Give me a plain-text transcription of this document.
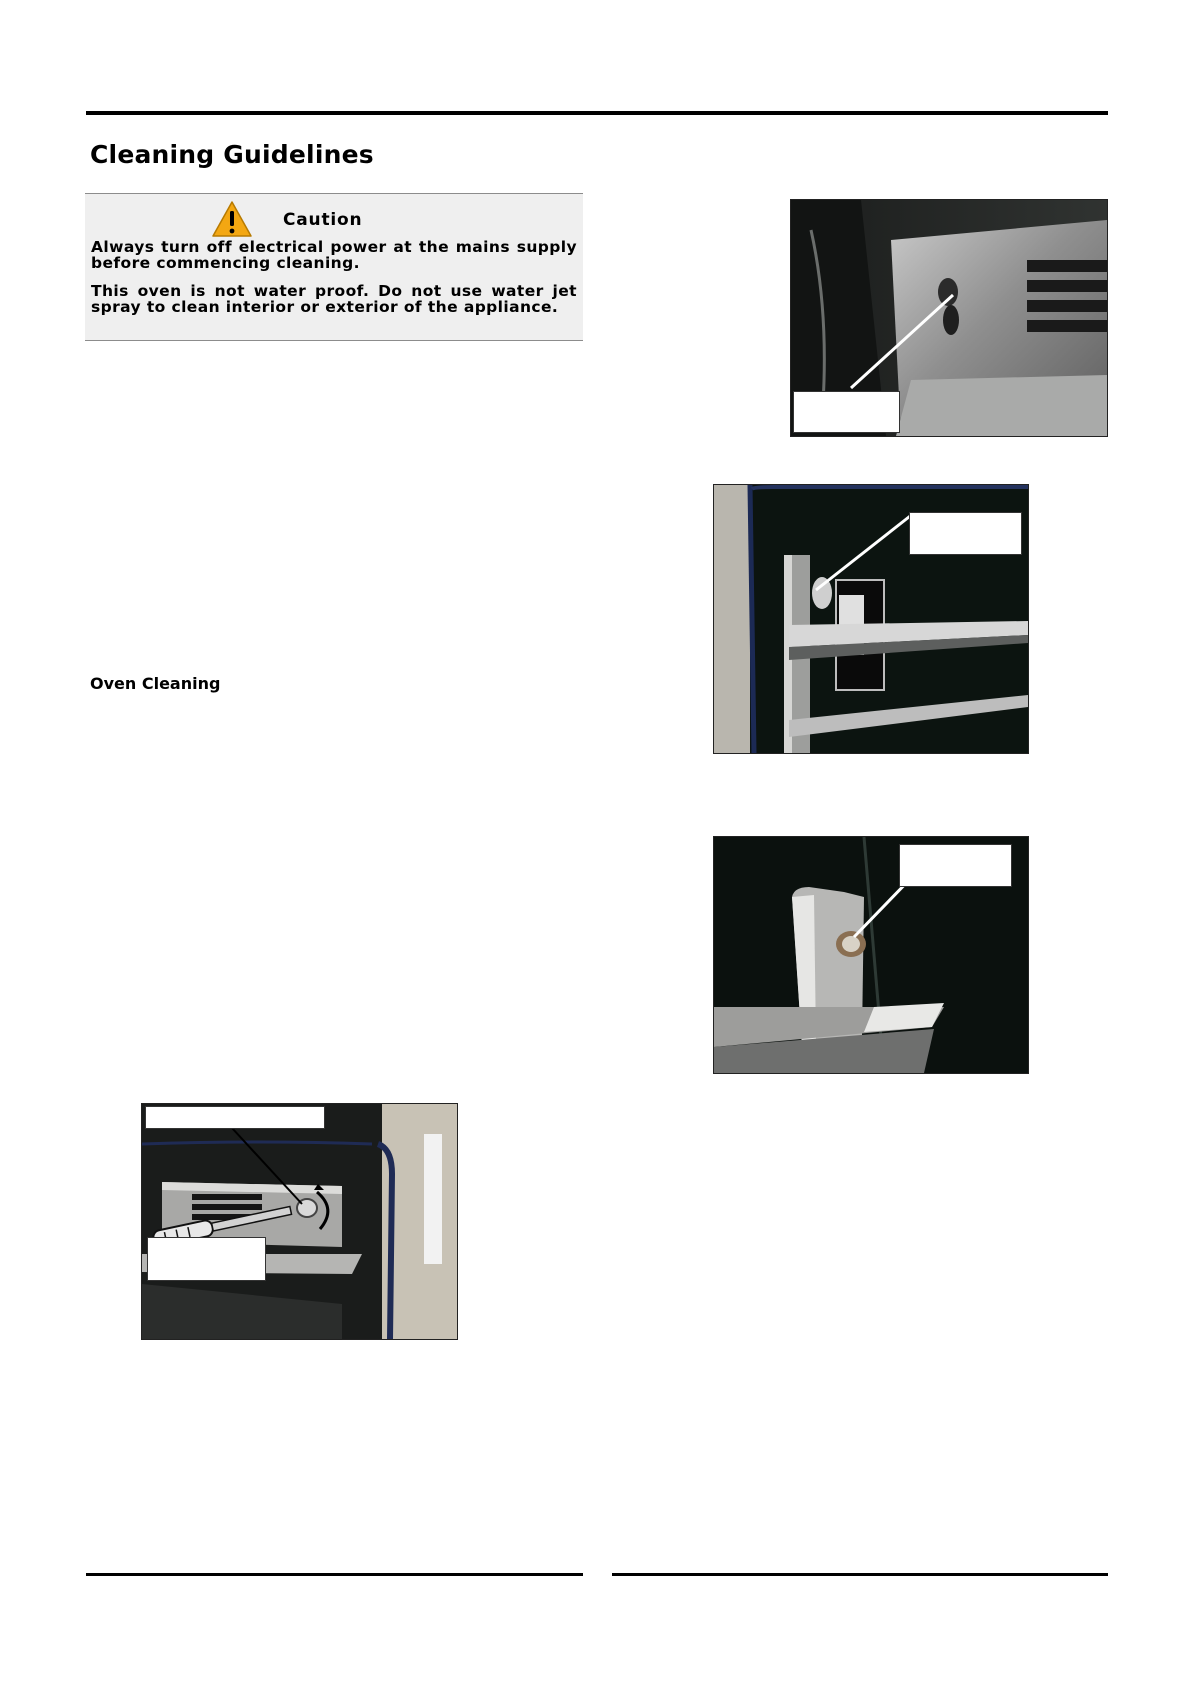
Cleaning Guidelines
Caution
Always turn off electrical power at the mains supply before commencing cleaning.
This oven is not water proof. Do not use water jet spray to clean interior or exterior of the appliance.
Oven Cleaning
